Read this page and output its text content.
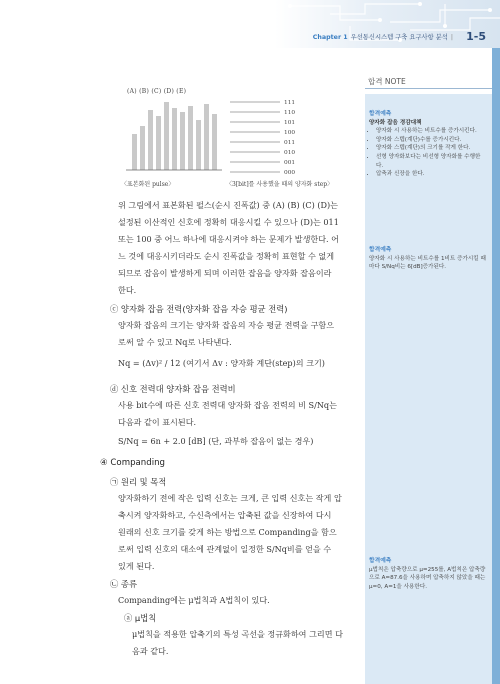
Chapter 1 우선통신시스템 구축 요구사항 분석 | 1-5
합격 NOTE
합격예측
양자화 잡음 경감대책
• 양자화 시 사용하는 비트수를 증가시킨다.
• 양자화 스텝(계단)수를 증가시킨다.
• 양자화 스텝(계단)의 크기를 작게 한다.
• 선형 양자화보다는 비선형 양자화를 수행한다.
• 압축과 신장을 한다.
합격예측
양자화 시 사용하는 비트수를 1비트 증가시킬 때마다 S/Nq비는 6[dB]증가된다.
합격예측
μ법칙은 압축량으로 μ=255를, A법칙은 압축량으로 A=87.6을 사용하며 압축하지 않았을 때는 μ=0, A=1을 사용한다.
(A) (B) (C) (D) (E)
111
110
101
100
011
010
001
000
〈표본화된 pulse〉	〈3[bit]를 사용했을 때의 양자화 step〉
위 그림에서 표본화된 펄스(순시 진폭값) 중 (A) (B) (C) (D)는
설정된 이산적인 신호에 정확히 대응시킬 수 있으나 (D)는 011
또는 100 중 어느 하나에 대응시켜야 하는 문제가 발생한다. 어
느 것에 대응시키더라도 순시 진폭값을 정확히 표현할 수 없게
되므로 잡음이 발생하게 되며 이러한 잡음을 양자화 잡음이라
한다.
ⓒ 양자화 잡음 전력(양자화 잡음 자승 평균 전력)
양자화 잡음의 크기는 양자화 잡음의 자승 평균 전력을 구함으
로써 알 수 있고 Nq로 나타낸다.
Nq = (Δv)² / 12 (여기서 Δv : 양자화 계단(step)의 크기)
ⓓ 신호 전력대 양자화 잡음 전력비
사용 bit수에 따른 신호 전력대 양자화 잡음 전력의 비 S/Nq는
다음과 같이 표시된다.
S/Nq = 6n + 2.0 [dB] (단, 과부하 잡음이 없는 경우)
④ Companding
㉠ 원리 및 목적
양자화하기 전에 작은 입력 신호는 크게, 큰 입력 신호는 작게 압
축시켜 양자화하고, 수신측에서는 압축된 값을 신장하여 다시
원래의 신호 크기를 갖게 하는 방법으로 Companding을 함으
로써 입력 신호의 대소에 관계없이 일정한 S/Nq비를 얻을 수
있게 된다.
㉡ 종류
Companding에는 μ법칙과 A법칙이 있다.
ⓐ μ법칙
μ법칙을 적용한 압축기의 특성 곡선을 정규화하여 그리면 다
음과 같다.
